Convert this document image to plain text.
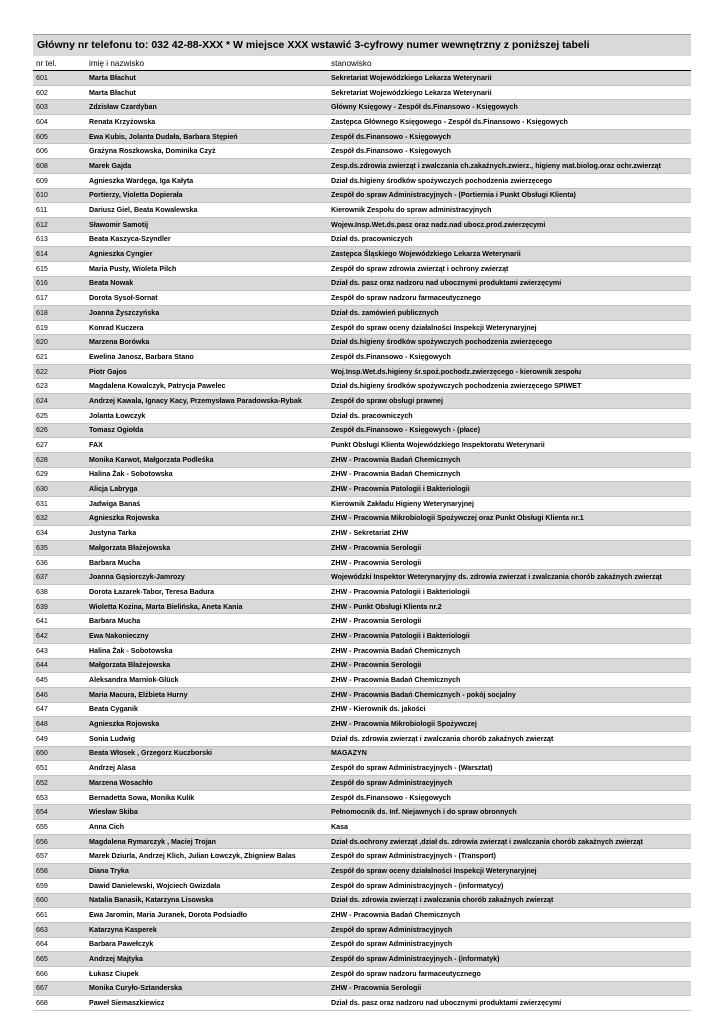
Główny nr telefonu to: 032 42-88-XXX * W miejsce XXX wstawić 3-cyfrowy numer wewnętrzny z poniższej tabeli
nr tel.	imię i nazwisko	stanowisko
601	Marta Błachut	Sekretariat Wojewódzkiego Lekarza Weterynarii
602	Marta Błachut	Sekretariat Wojewódzkiego Lekarza Weterynarii
603	Zdzisław Czardyban	Główny Księgowy - Zespół ds.Finansowo - Księgowych
604	Renata Krzyżowska	Zastępca Głównego Księgowego - Zespół ds.Finansowo - Księgowych
605	Ewa Kubis, Jolanta Dudała, Barbara Stępień	Zespół ds.Finansowo - Księgowych
606	Grażyna Roszkowska, Dominika Czyż	Zespół ds.Finansowo - Księgowych
608	Marek Gajda	Zesp.ds.zdrowia zwierząt i zwalczania ch.zakaźnych.zwierz., higieny mat.biolog.oraz ochr.zwierząt
609	Agnieszka Wardęga, Iga Kałyta	Dział ds.higieny środków spożywczych pochodzenia zwierzęcego
610	Portierzy, Violetta Dopierała	Zespół do spraw Administracyjnych - (Portiernia i Punkt Obsługi Klienta)
611	Dariusz Giel, Beata Kowalewska	Kierownik Zespołu do spraw administracyjnych
612	Sławomir Samotij	Wojew.Insp.Wet.ds.pasz oraz nadz.nad ubocz.prod.zwierzęcymi
613	Beata Kaszyca-Szyndler	Dział ds. pracowniczych
614	Agnieszka Cyngier	Zastępca Śląskiego Wojewódzkiego Lekarza Weterynarii
615	Maria Pusty, Wioleta Pilch	Zespół do spraw zdrowia zwierząt i ochrony zwierząt
616	Beata Nowak	Dział ds. pasz oraz nadzoru nad ubocznymi produktami zwierzęcymi
617	Dorota Sysoł-Sornat	Zespół do spraw nadzoru farmaceutycznego
618	Joanna Żyszczyńska	Dział ds. zamówień publicznych
619	Konrad Kuczera	Zespół do spraw oceny działalności Inspekcji Weterynaryjnej
620	Marzena Borówka	Dział ds.higieny środków spożywczych pochodzenia zwierzęcego
621	Ewelina Janosz, Barbara Stano	Zespół ds.Finansowo - Księgowych
622	Piotr Gajos	Woj.Insp.Wet.ds.higieny śr.spoż.pochodz.zwierzęcego - kierownik zespołu
623	Magdalena Kowalczyk, Patrycja Pawelec	Dział ds.higieny środków spożywczych pochodzenia zwierzęcego SPIWET
624	Andrzej Kawala, Ignacy Kacy, Przemysława Paradowska-Rybak	Zespół do spraw obsługi prawnej
625	Jolanta Łowczyk	Dział ds. pracowniczych
626	Tomasz Ogiołda	Zespół ds.Finansowo - Księgowych - (płace)
627	FAX	Punkt Obsługi Klienta Wojewódzkiego Inspektoratu Weterynarii
628	Monika Karwot, Małgorzata Podleśka	ZHW - Pracownia Badań Chemicznych
629	Halina Żak - Sobotowska	ZHW - Pracownia Badań Chemicznych
630	Alicja Labryga	ZHW - Pracownia Patologii i Bakteriologii
631	Jadwiga Banaś	Kierownik Zakładu Higieny Weterynaryjnej
632	Agnieszka Rojowska	ZHW - Pracownia Mikrobiologii Spożywczej oraz Punkt Obsługi Klienta nr.1
634	Justyna Tarka	ZHW - Sekretariat ZHW
635	Małgorzata Błażejowska	ZHW - Pracownia Serologii
636	Barbara Mucha	ZHW - Pracownia Serologii
637	Joanna Gąsiorczyk-Jamrozy	Wojewódzki Inspektor Weterynaryjny ds. zdrowia zwierzat i zwalczania chorób zakaźnych zwierząt
638	Dorota Łazarek-Tabor, Teresa Badura	ZHW - Pracownia Patologii i Bakteriologii
639	Wioletta Kozina, Marta Bielińska, Aneta Kania	ZHW - Punkt Obsługi Klienta nr.2
641	Barbara Mucha	ZHW - Pracownia Serologii
642	Ewa Nakonieczny	ZHW - Pracownia Patologii i Bakteriologii
643	Halina Żak - Sobotowska	ZHW - Pracownia Badań Chemicznych
644	Małgorzata Błażejowska	ZHW - Pracownia Serologii
645	Aleksandra Marniok-Glück	ZHW - Pracownia Badań Chemicznych
646	Maria Macura, Elżbieta Hurny	ZHW - Pracownia Badań Chemicznych - pokój socjalny
647	Beata Cyganik	ZHW - Kierownik ds. jakości
648	Agnieszka Rojowska	ZHW - Pracownia Mikrobiologii Spożywczej
649	Sonia Ludwig	Dział ds. zdrowia zwierząt i zwalczania chorób zakaźnych zwierząt
650	Beata Włosek , Grzegorz Kuczborski	MAGAZYN
651	Andrzej Alasa	Zespół do spraw Administracyjnych - (Warsztat)
652	Marzena Wosachło	Zespół do spraw Administracyjnych
653	Bernadetta Sowa, Monika Kulik	Zespół ds.Finansowo - Księgowych
654	Wiesław Skiba	Pełnomocnik ds. Inf. Niejawnych i do spraw obronnych
655	Anna Cich	Kasa
656	Magdalena Rymarczyk , Maciej Trojan	Dział ds.ochrony zwierząt ,dział ds. zdrowia zwierząt i zwalczania chorób zakaźnych zwierząt
657	Marek Dziurla, Andrzej Klich, Julian Łowczyk, Zbigniew Balas	Zespół do spraw Administracyjnych - (Transport)
658	Diana Tryka	Zespół do spraw oceny działalności Inspekcji Weterynaryjnej
659	Dawid Danielewski, Wojciech Gwizdała	Zespół do spraw Administracyjnych - (informatycy)
660	Natalia Banasik, Katarzyna Lisowska	Dział ds. zdrowia zwierząt i zwalczania chorób zakaźnych zwierząt
661	Ewa Jaromin, Maria Juranek, Dorota Podsiadło	ZHW - Pracownia Badań Chemicznych
663	Katarzyna Kasperek	Zespół do spraw Administracyjnych
664	Barbara Pawełczyk	Zespół do spraw Administracyjnych
665	Andrzej Majtyka	Zespół do spraw Administracyjnych - (informatyk)
666	Łukasz Ciupek	Zespół do spraw nadzoru farmaceutycznego
667	Monika Curyło-Sztanderska	ZHW - Pracownia Serologii
668	Paweł Siemaszkiewicz	Dział ds. pasz oraz nadzoru nad ubocznymi produktami zwierzęcymi
